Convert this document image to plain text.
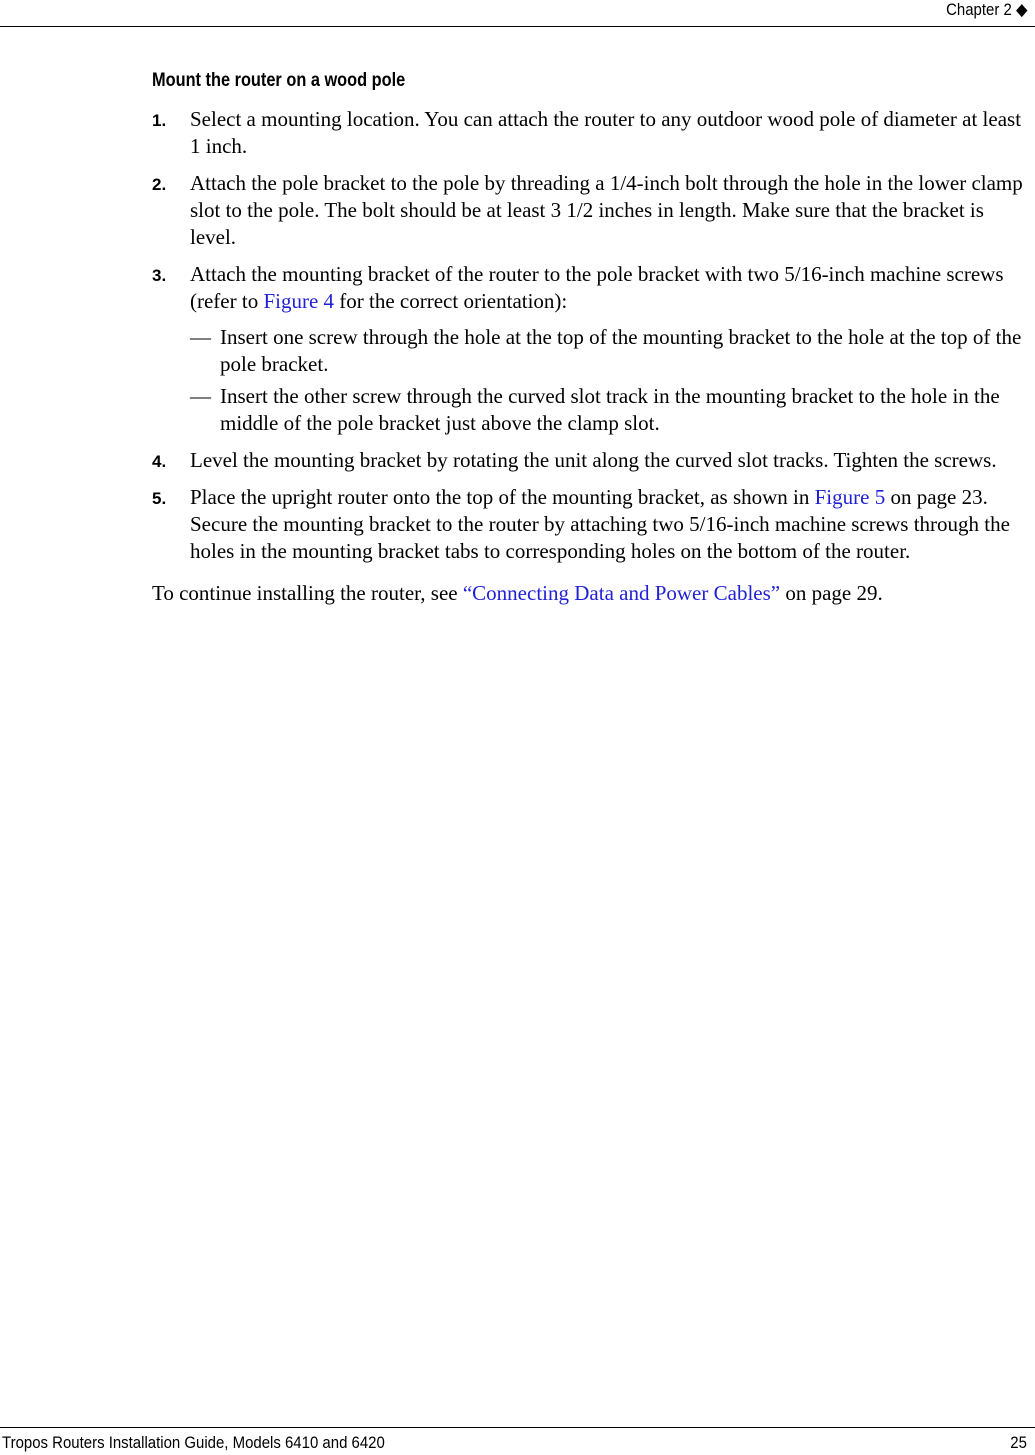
Chapter 2 ◆
Mount the router on a wood pole
1. Select a mounting location. You can attach the router to any outdoor wood pole of diameter at least 1 inch.
2. Attach the pole bracket to the pole by threading a 1/4-inch bolt through the hole in the lower clamp slot to the pole. The bolt should be at least 3 1/2 inches in length. Make sure that the bracket is level.
3. Attach the mounting bracket of the router to the pole bracket with two 5/16-inch machine screws (refer to Figure 4 for the correct orientation):
— Insert one screw through the hole at the top of the mounting bracket to the hole at the top of the pole bracket.
— Insert the other screw through the curved slot track in the mounting bracket to the hole in the middle of the pole bracket just above the clamp slot.
4. Level the mounting bracket by rotating the unit along the curved slot tracks. Tighten the screws.
5. Place the upright router onto the top of the mounting bracket, as shown in Figure 5 on page 23. Secure the mounting bracket to the router by attaching two 5/16-inch machine screws through the holes in the mounting bracket tabs to corresponding holes on the bottom of the router.

To continue installing the router, see “Connecting Data and Power Cables” on page 29.

Tropos Routers Installation Guide, Models 6410 and 6420	25
